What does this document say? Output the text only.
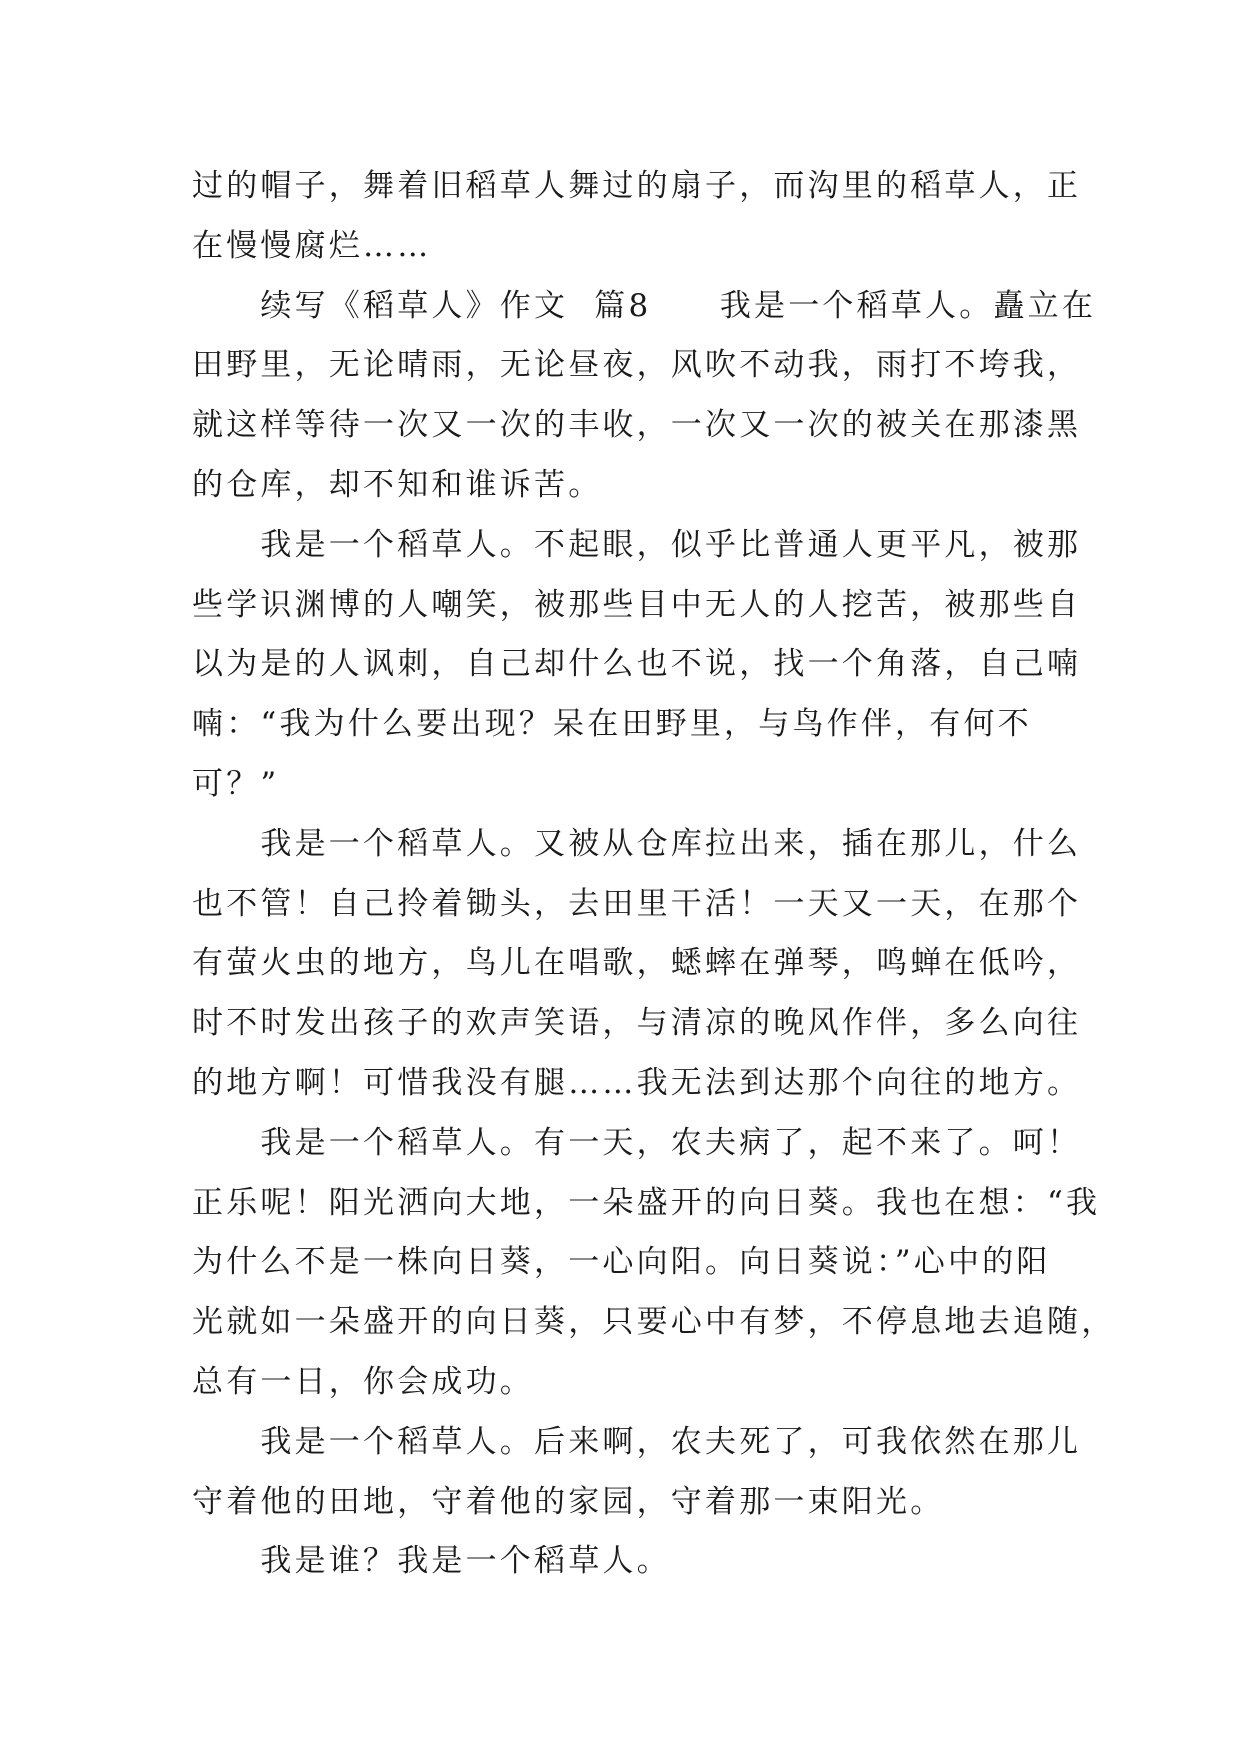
过的帽子，舞着旧稻草人舞过的扇子，而沟里的稻草人，正
在慢慢腐烂……
　　续写《稻草人》作文  篇8　　我是一个稻草人。矗立在
田野里，无论晴雨，无论昼夜，风吹不动我，雨打不垮我，
就这样等待一次又一次的丰收，一次又一次的被关在那漆黑
的仓库，却不知和谁诉苦。
　　我是一个稻草人。不起眼，似乎比普通人更平凡，被那
些学识渊博的人嘲笑，被那些目中无人的人挖苦，被那些自
以为是的人讽刺，自己却什么也不说，找一个角落，自己喃
喃：“我为什么要出现？呆在田野里，与鸟作伴，有何不
可？”
　　我是一个稻草人。又被从仓库拉出来，插在那儿，什么
也不管！自己拎着锄头，去田里干活！一天又一天，在那个
有萤火虫的地方，鸟儿在唱歌，蟋蟀在弹琴，鸣蝉在低吟，
时不时发出孩子的欢声笑语，与清凉的晚风作伴，多么向往
的地方啊！可惜我没有腿……我无法到达那个向往的地方。
　　我是一个稻草人。有一天，农夫病了，起不来了。呵！
正乐呢！阳光洒向大地，一朵盛开的向日葵。我也在想：“我
为什么不是一株向日葵，一心向阳。向日葵说：”心中的阳
光就如一朵盛开的向日葵，只要心中有梦，不停息地去追随，
总有一日，你会成功。
　　我是一个稻草人。后来啊，农夫死了，可我依然在那儿
守着他的田地，守着他的家园，守着那一束阳光。
　　我是谁？我是一个稻草人。
